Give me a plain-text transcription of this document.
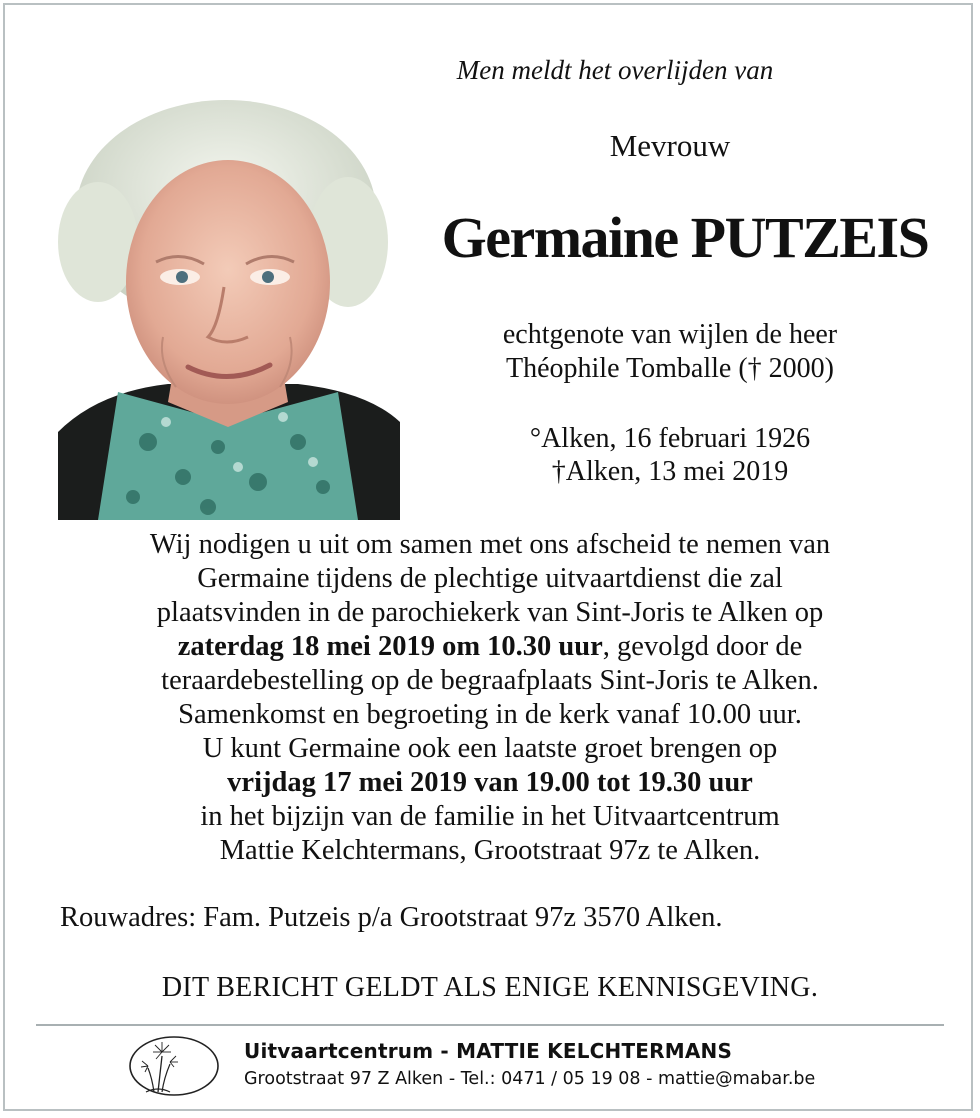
Men meldt het overlijden van
Mevrouw
Germaine PUTZEIS
echtgenote van wijlen de heer
Théophile Tomballe († 2000)
°Alken, 16 februari 1926
†Alken, 13 mei 2019
Wij nodigen u uit om samen met ons afscheid te nemen van
Germaine tijdens de plechtige uitvaartdienst die zal
plaatsvinden in de parochiekerk van Sint-Joris te Alken op
zaterdag 18 mei 2019 om 10.30 uur, gevolgd door de
teraardebestelling op de begraafplaats Sint-Joris te Alken.
Samenkomst en begroeting in de kerk vanaf 10.00 uur.
U kunt Germaine ook een laatste groet brengen op
vrijdag 17 mei 2019 van 19.00 tot 19.30 uur
in het bijzijn van de familie in het Uitvaartcentrum
Mattie Kelchtermans, Grootstraat 97z te Alken.
Rouwadres: Fam. Putzeis p/a Grootstraat 97z 3570 Alken.
DIT BERICHT GELDT ALS ENIGE KENNISGEVING.
Uitvaartcentrum - MATTIE KELCHTERMANS
Grootstraat 97 Z Alken - Tel.: 0471 / 05 19 08 - mattie@mabar.be
